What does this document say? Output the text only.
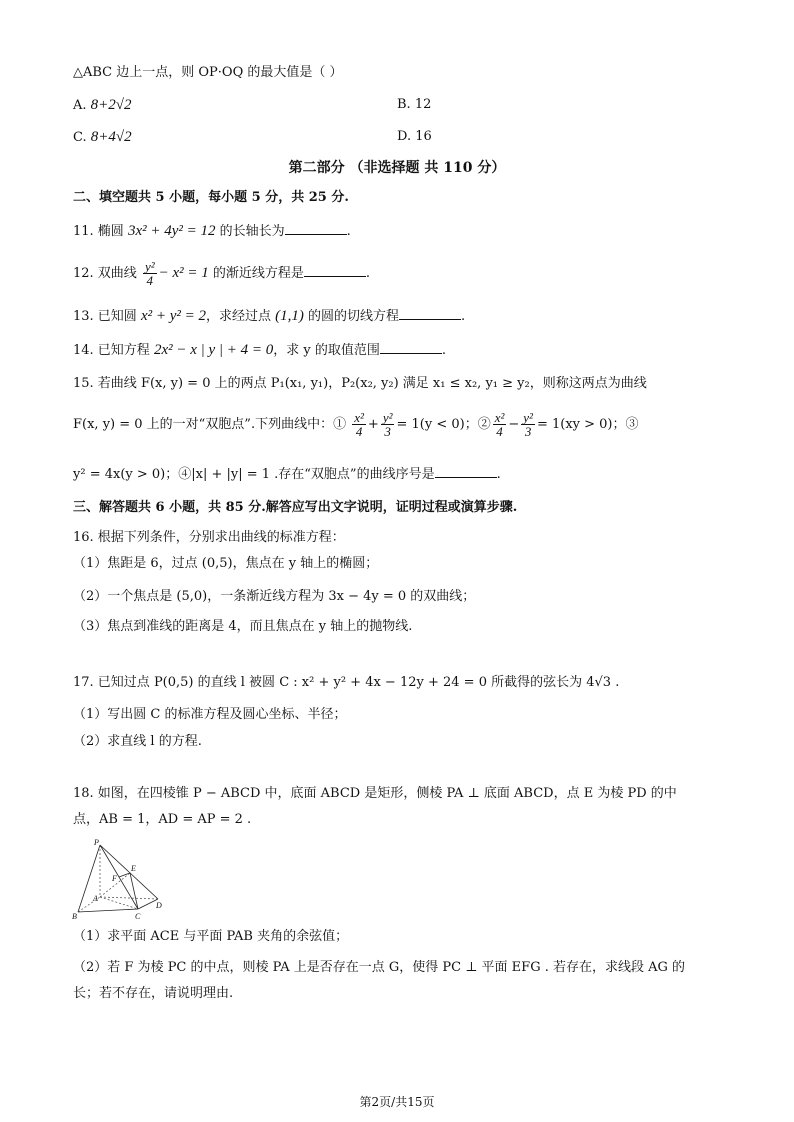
△ABC 边上一点，则 OP·OQ 的最大值是（ ）
A. 8+2√2	B. 12
C. 8+4√2	D. 16
第二部分 （非选择题 共 110 分）
二、填空题共 5 小题，每小题 5 分，共 25 分.
11. 椭圆 3x² + 4y² = 12 的长轴长为	.
12. 双曲线 $\frac{\text{y²}}{4} - x^2 = 1$ 的渐近线方程是	.
13. 已知圆 x² + y² = 2，求经过点 (1,1) 的圆的切线方程	.
14. 已知方程 2x² − x | y | + 4 = 0，求 y 的取值范围	.
15. 若曲线 F(x, y) = 0 上的两点 P₁(x₁, y₁)，P₂(x₂, y₂) 满足 x₁ ≤ x₂, y₁ ≥ y₂，则称这两点为曲线
F(x, y) = 0 上的一对“双胞点”.下列曲线中：① $\frac{\text{x²}}{4} + \frac{\text{y²}}{3} = 1(y < 0)$；② $\frac{\text{x²}}{4} - \frac{\text{y²}}{3} = 1(xy > 0)$；③
y² = 4x(y > 0)；④|x| + |y| = 1 .存在“双胞点”的曲线序号是	.
三、解答题共 6 小题，共 85 分.解答应写出文字说明，证明过程或演算步骤.
16. 根据下列条件，分别求出曲线的标准方程：
（1）焦距是 6，过点 (0,5)，焦点在 y 轴上的椭圆；
（2）一个焦点是 (5,0)，一条渐近线方程为 3x − 4y = 0 的双曲线；
（3）焦点到准线的距离是 4，而且焦点在 y 轴上的抛物线.
17. 已知过点 P(0,5) 的直线 l 被圆 C : x² + y² + 4x − 12y + 24 = 0 所截得的弦长为 4√3 .
（1）写出圆 C 的标准方程及圆心坐标、半径；
（2）求直线 l 的方程.
18. 如图，在四棱锥 P − ABCD 中，底面 ABCD 是矩形，侧棱 PA ⊥ 底面 ABCD，点 E 为棱 PD 的中
点，AB = 1，AD = AP = 2 .
P
E
F
A
B	C
D
（1）求平面 ACE 与平面 PAB 夹角的余弦值；
（2）若 F 为棱 PC 的中点，则棱 PA 上是否存在一点 G，使得 PC ⊥ 平面 EFG . 若存在，求线段 AG 的
长；若不存在，请说明理由.
第2页/共15页
